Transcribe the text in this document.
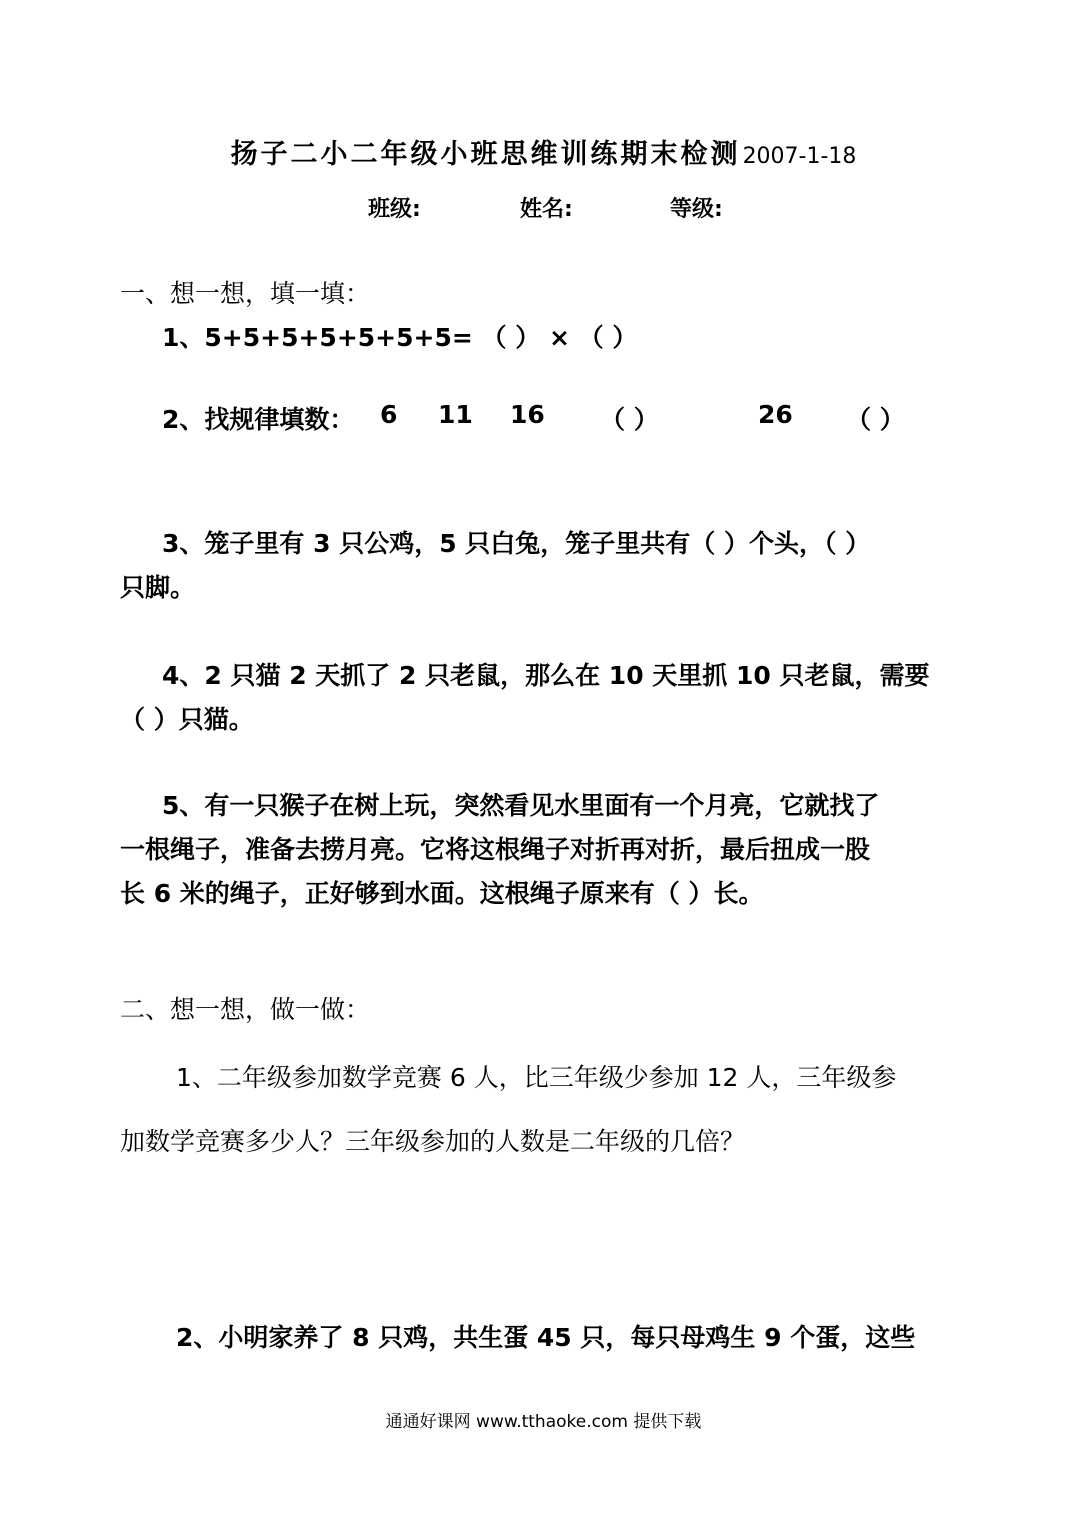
扬子二小二年级小班思维训练期末检测2007-1-18
班级:	姓名:	等级:
一、想一想，填一填：
1、5+5+5+5+5+5+5= （ ） × （ ）
2、找规律填数： 6 11 16 （ ）	26 （ ）
3、笼子里有 3 只公鸡，5 只白兔，笼子里共有（ ）个头，（ ）
只脚。
4、2 只猫 2 天抓了 2 只老鼠，那么在 10 天里抓 10 只老鼠，需要
（ ）只猫。
5、有一只猴子在树上玩，突然看见水里面有一个月亮，它就找了
一根绳子，准备去捞月亮。它将这根绳子对折再对折，最后扭成一股
长 6 米的绳子，正好够到水面。这根绳子原来有（ ）长。
二、想一想，做一做：
1、二年级参加数学竞赛 6 人，比三年级少参加 12 人，三年级参
加数学竞赛多少人？三年级参加的人数是二年级的几倍？
2、小明家养了 8 只鸡，共生蛋 45 只，每只母鸡生 9 个蛋，这些
通通好课网 www.tthaoke.com 提供下载
